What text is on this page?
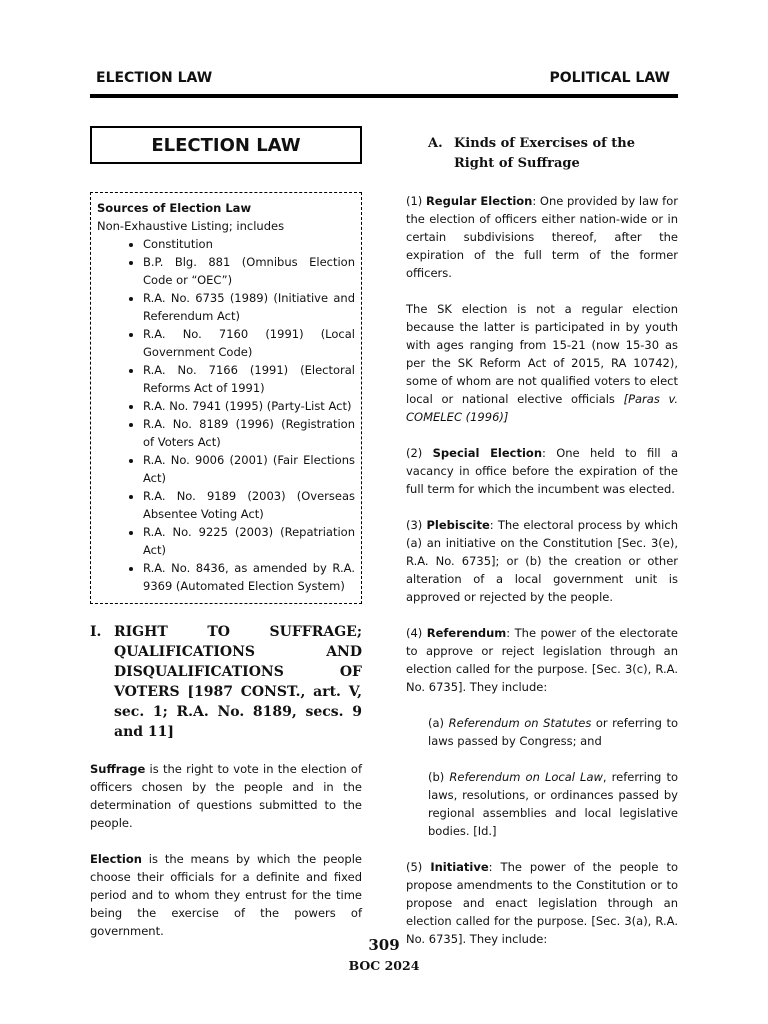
ELECTION LAW	POLITICAL LAW
ELECTION LAW
Sources of Election Law
Non-Exhaustive Listing; includes
• Constitution
• B.P. Blg. 881 (Omnibus Election Code or “OEC”)
• R.A. No. 6735 (1989) (Initiative and Referendum Act)
• R.A. No. 7160 (1991) (Local Government Code)
• R.A. No. 7166 (1991) (Electoral Reforms Act of 1991)
• R.A. No. 7941 (1995) (Party-List Act)
• R.A. No. 8189 (1996) (Registration of Voters Act)
• R.A. No. 9006 (2001) (Fair Elections Act)
• R.A. No. 9189 (2003) (Overseas Absentee Voting Act)
• R.A. No. 9225 (2003) (Repatriation Act)
• R.A. No. 8436, as amended by R.A. 9369 (Automated Election System)
I. RIGHT TO SUFFRAGE; QUALIFICATIONS AND DISQUALIFICATIONS OF VOTERS [1987 CONST., art. V, sec. 1; R.A. No. 8189, secs. 9 and 11]

Suffrage is the right to vote in the election of officers chosen by the people and in the determination of questions submitted to the people.

Election is the means by which the people choose their officials for a definite and fixed period and to whom they entrust for the time being the exercise of the powers of government.

A. Kinds of Exercises of the Right of Suffrage

(1) Regular Election: One provided by law for the election of officers either nation-wide or in certain subdivisions thereof, after the expiration of the full term of the former officers.

The SK election is not a regular election because the latter is participated in by youth with ages ranging from 15-21 (now 15-30 as per the SK Reform Act of 2015, RA 10742), some of whom are not qualified voters to elect local or national elective officials [Paras v. COMELEC (1996)]

(2) Special Election: One held to fill a vacancy in office before the expiration of the full term for which the incumbent was elected.

(3) Plebiscite: The electoral process by which (a) an initiative on the Constitution [Sec. 3(e), R.A. No. 6735]; or (b) the creation or other alteration of a local government unit is approved or rejected by the people.

(4) Referendum: The power of the electorate to approve or reject legislation through an election called for the purpose. [Sec. 3(c), R.A. No. 6735]. They include:

(a) Referendum on Statutes or referring to laws passed by Congress; and

(b) Referendum on Local Law, referring to laws, resolutions, or ordinances passed by regional assemblies and local legislative bodies. [Id.]

(5) Initiative: The power of the people to propose amendments to the Constitution or to propose and enact legislation through an election called for the purpose. [Sec. 3(a), R.A. No. 6735]. They include:

309
BOC 2024
